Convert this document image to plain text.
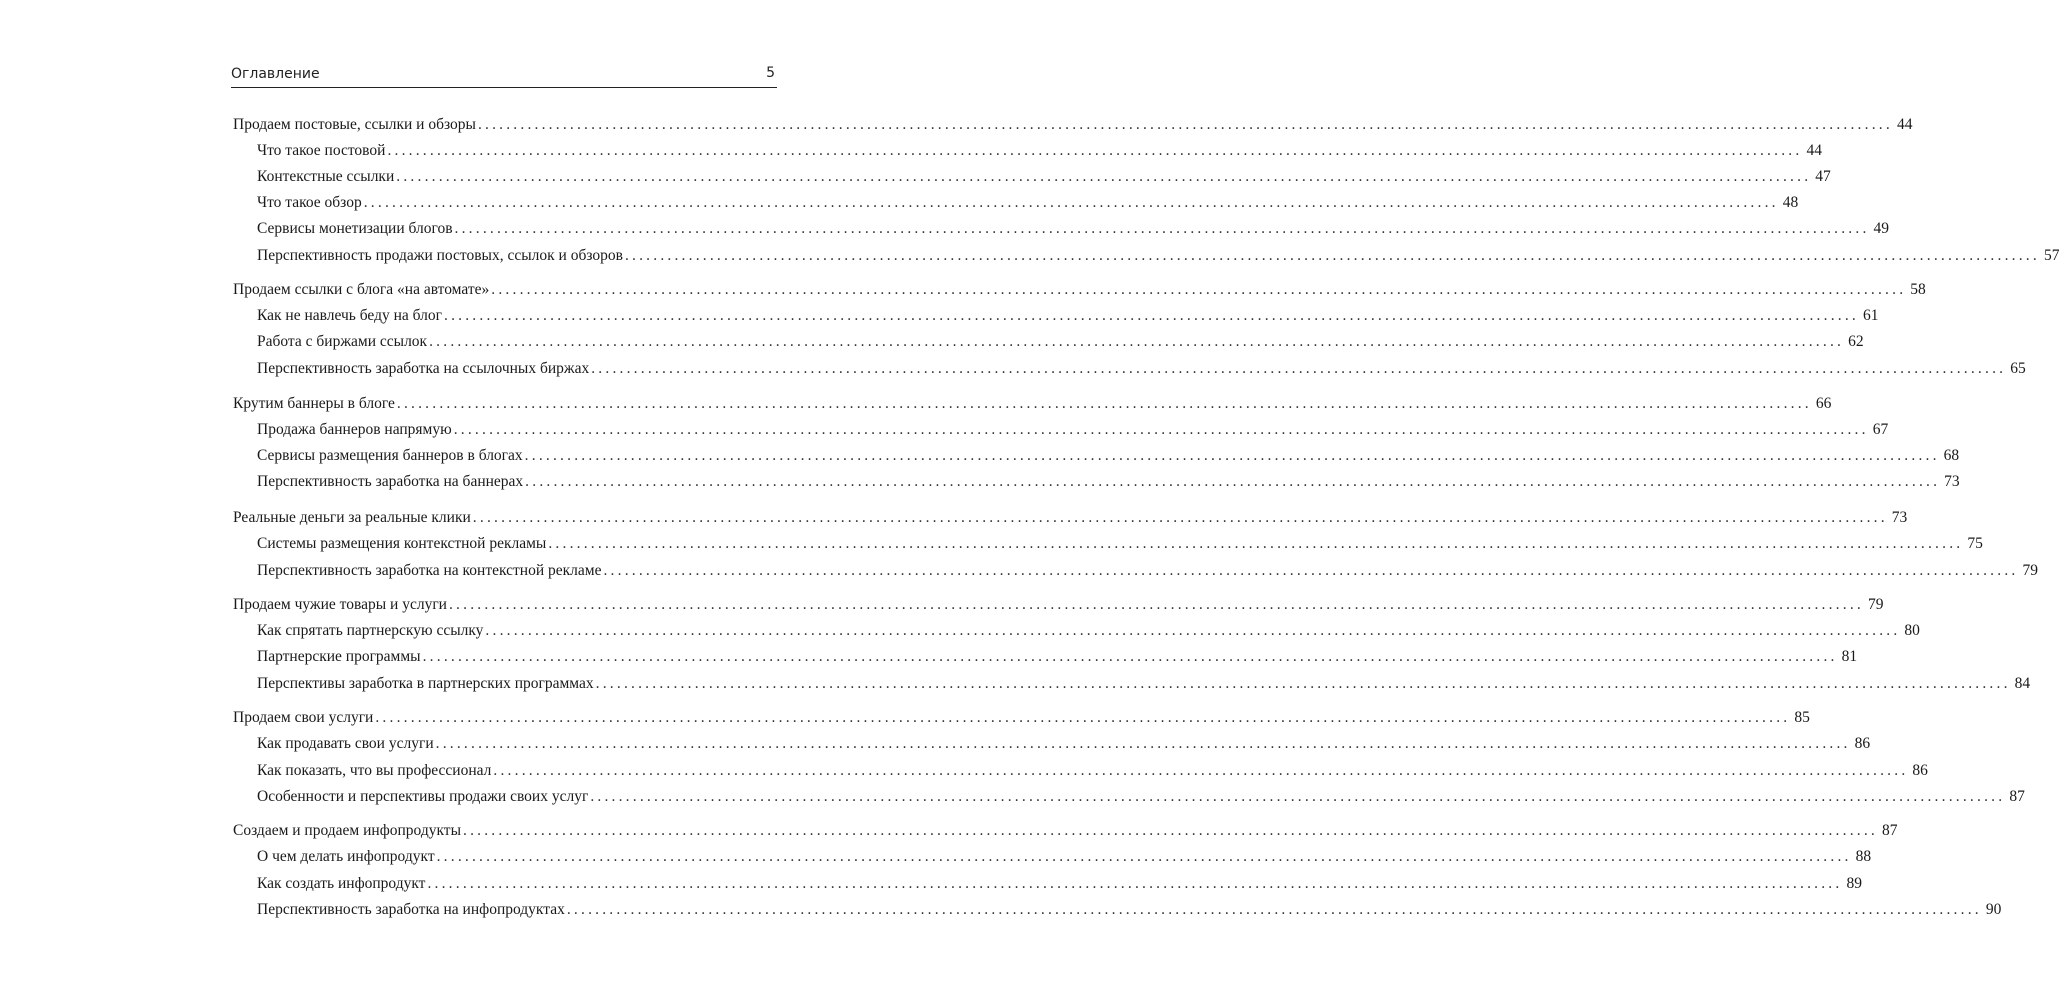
Оглавление	5
Продаем постовые, ссылки и обзоры ........................................................................................................................................................................................................ 44
Что такое постовой ........................................................................................................................................................................................................ 44
Контекстные ссылки ........................................................................................................................................................................................................ 47
Что такое обзор ........................................................................................................................................................................................................ 48
Сервисы монетизации блогов ........................................................................................................................................................................................................ 49
Перспективность продажи постовых, ссылок и обзоров ........................................................................................................................................................................................................ 57
Продаем ссылки с блога «на автомате» ........................................................................................................................................................................................................ 58
Как не навлечь беду на блог ........................................................................................................................................................................................................ 61
Работа с биржами ссылок ........................................................................................................................................................................................................ 62
Перспективность заработка на ссылочных биржах ........................................................................................................................................................................................................ 65
Крутим баннеры в блоге ........................................................................................................................................................................................................ 66
Продажа баннеров напрямую ........................................................................................................................................................................................................ 67
Сервисы размещения баннеров в блогах ........................................................................................................................................................................................................ 68
Перспективность заработка на баннерах ........................................................................................................................................................................................................ 73
Реальные деньги за реальные клики ........................................................................................................................................................................................................ 73
Системы размещения контекстной рекламы ........................................................................................................................................................................................................ 75
Перспективность заработка на контекстной рекламе ........................................................................................................................................................................................................ 79
Продаем чужие товары и услуги ........................................................................................................................................................................................................ 79
Как спрятать партнерскую ссылку ........................................................................................................................................................................................................ 80
Партнерские программы ........................................................................................................................................................................................................ 81
Перспективы заработка в партнерских программах ........................................................................................................................................................................................................ 84
Продаем свои услуги ........................................................................................................................................................................................................ 85
Как продавать свои услуги ........................................................................................................................................................................................................ 86
Как показать, что вы профессионал ........................................................................................................................................................................................................ 86
Особенности и перспективы продажи своих услуг ........................................................................................................................................................................................................ 87
Создаем и продаем инфопродукты ........................................................................................................................................................................................................ 87
О чем делать инфопродукт ........................................................................................................................................................................................................ 88
Как создать инфопродукт ........................................................................................................................................................................................................ 89
Перспективность заработка на инфопродуктах ........................................................................................................................................................................................................ 90
